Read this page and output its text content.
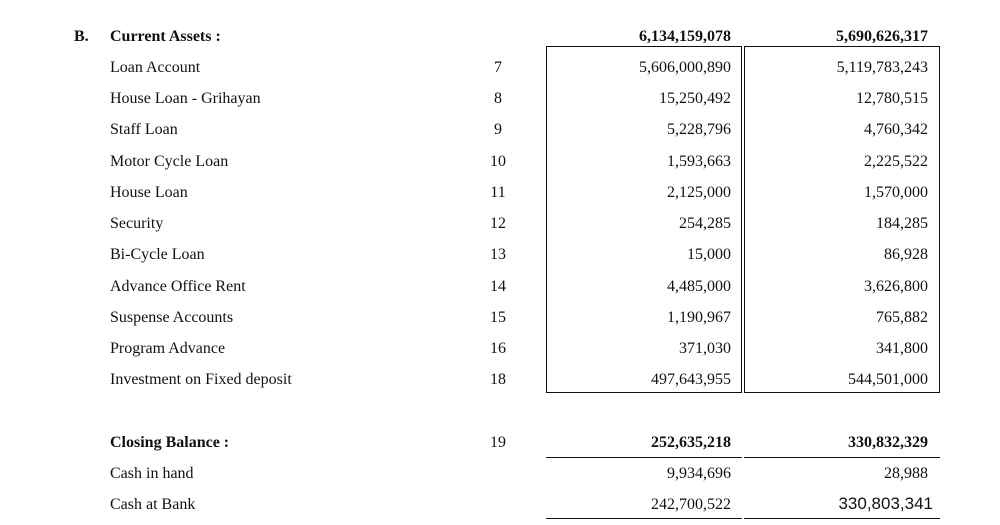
B. Current Assets :	6,134,159,078	5,690,626,317
Loan Account	7	5,606,000,890	5,119,783,243
House Loan - Grihayan	8	15,250,492	12,780,515
Staff Loan	9	5,228,796	4,760,342
Motor Cycle Loan	10	1,593,663	2,225,522
House Loan	11	2,125,000	1,570,000
Security	12	254,285	184,285
Bi-Cycle Loan	13	15,000	86,928
Advance Office Rent	14	4,485,000	3,626,800
Suspense Accounts	15	1,190,967	765,882
Program Advance	16	371,030	341,800
Investment on Fixed deposit	18	497,643,955	544,501,000
Closing Balance :	19	252,635,218	330,832,329
Cash in hand	9,934,696	28,988
Cash at Bank	242,700,522	330,803,341
